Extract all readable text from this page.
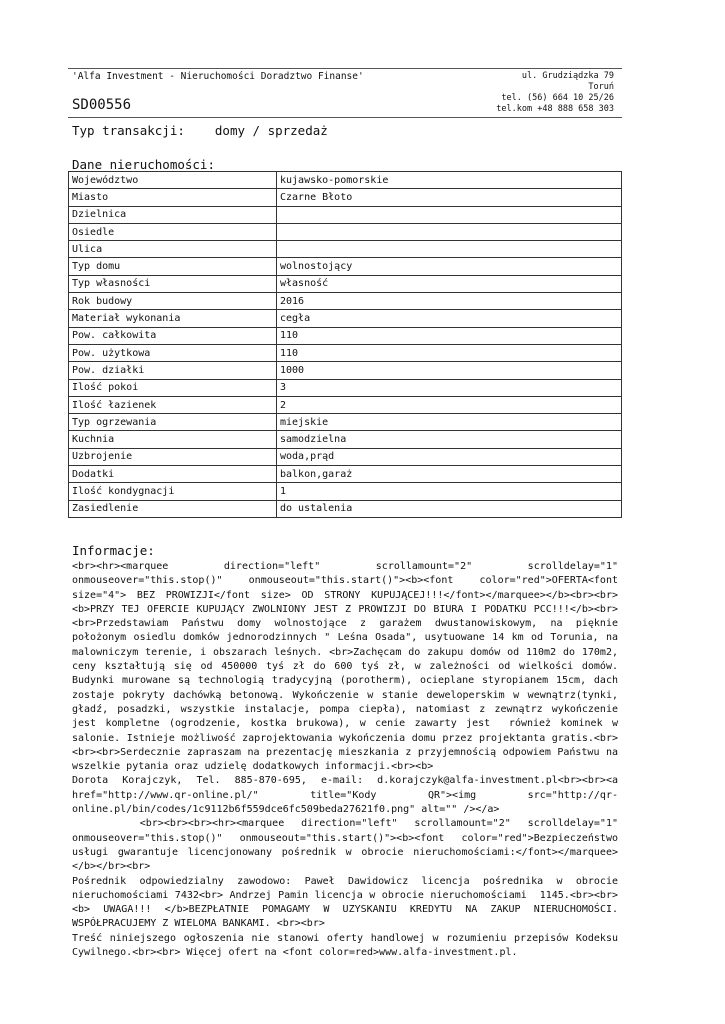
'Alfa Investment - Nieruchomości Doradztwo Finanse'
SD00556
ul. Grudziądzka 79
Toruń
tel. (56) 664 10 25/26
tel.kom +48 888 658 303
Typ transakcji: domy / sprzedaż
Dane nieruchomości:
Województwo	kujawsko-pomorskie
Miasto	Czarne Błoto
Dzielnica	
Osiedle	
Ulica	
Typ domu	wolnostojący
Typ własności	własność
Rok budowy	2016
Materiał wykonania	cegła
Pow. całkowita	110
Pow. użytkowa	110
Pow. działki	1000
Ilość pokoi	3
Ilość łazienek	2
Typ ogrzewania	miejskie
Kuchnia	samodzielna
Uzbrojenie	woda,prąd
Dodatki	balkon,garaż
Ilość kondygnacji	1
Zasiedlenie	do ustalenia
Informacje:
<br><hr><marquee direction="left" scrollamount="2" scrolldelay="1" onmouseover="this.stop()" onmouseout="this.start()"><b><font color="red">OFERTA<font size="4"> BEZ PROWIZJI</font size> OD STRONY KUPUJĄCEJ!!!</font></marquee></b><br><br><b>PRZY TEJ OFERCIE KUPUJĄCY ZWOLNIONY JEST Z PROWIZJI DO BIURA I PODATKU PCC!!!</b><br><br>Przedstawiam Państwu domy wolnostojące z garażem dwustanowiskowym, na pięknie położonym osiedlu domków jednorodzinnych " Leśna Osada", usytuowane 14 km od Torunia, na malowniczym terenie, i obszarach leśnych. <br>Zachęcam do zakupu domów od 110m2 do 170m2, ceny kształtują się od 450000 tyś zł do 600 tyś zł, w zależności od wielkości domów. Budynki murowane są technologią tradycyjną (porotherm), ocieplane styropianem 15cm, dach zostaje pokryty dachówką betonową. Wykończenie w stanie deweloperskim w wewnątrz(tynki, gładź, posadzki, wszystkie instalacje, pompa ciepła), natomiast z zewnątrz wykończenie jest kompletne (ogrodzenie, kostka brukowa), w cenie zawarty jest  również kominek w salonie. Istnieje możliwość zaprojektowania wykończenia domu przez projektanta gratis.<br><br><br>Serdecznie zapraszam na prezentację mieszkania z przyjemnością odpowiem Państwu na wszelkie pytania oraz udzielę dodatkowych informacji.<br><b>
Dorota Korajczyk, Tel. 885-870-695, e-mail: d.korajczyk@alfa-investment.pl<br><br><a href="http://www.qr-online.pl/" title="Kody QR"><img src="http://qr-online.pl/bin/codes/1c9112b6f559dce6fc509beda27621f0.png" alt="" /></a>
<br><br><br><hr><marquee direction="left" scrollamount="2" scrolldelay="1" onmouseover="this.stop()" onmouseout="this.start()"><b><font color="red">Bezpieczeństwo usługi gwarantuje licencjonowany pośrednik w obrocie nieruchomościami:</font></marquee></b></br><br>
Pośrednik odpowiedzialny zawodowo: Paweł Dawidowicz licencja pośrednika w obrocie nieruchomościami 7432<br> Andrzej Pamin licencja w obrocie nieruchomościami  1145.<br><br><b> UWAGA!!! </b>BEZPŁATNIE POMAGAMY W UZYSKANIU KREDYTU NA ZAKUP NIERUCHOMOŚCI. WSPÓŁPRACUJEMY Z WIELOMA BANKAMI. <br><br>
Treść niniejszego ogłoszenia nie stanowi oferty handlowej w rozumieniu przepisów Kodeksu Cywilnego.<br><br> Więcej ofert na <font color=red>www.alfa-investment.pl.
